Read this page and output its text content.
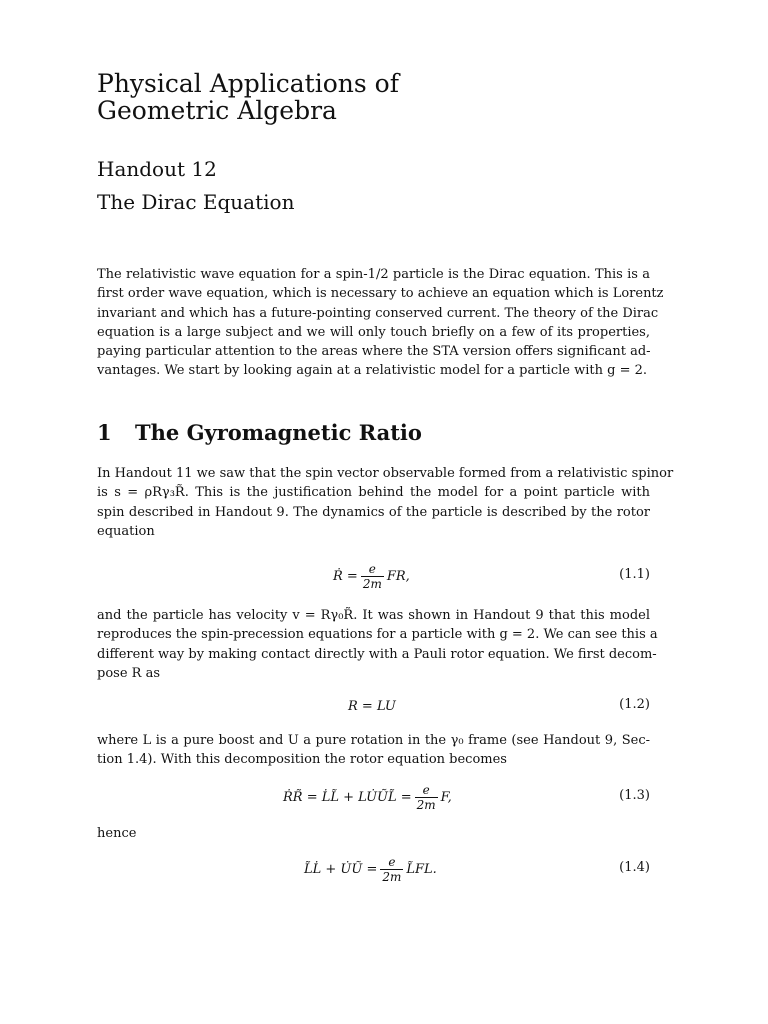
Physical Applications of
Geometric Algebra
Handout 12
The Dirac Equation
The relativistic wave equation for a spin-1/2 particle is the Dirac equation. This is a
first order wave equation, which is necessary to achieve an equation which is Lorentz
invariant and which has a future-pointing conserved current. The theory of the Dirac
equation is a large subject and we will only touch briefly on a few of its properties,
paying particular attention to the areas where the STA version offers significant ad-
vantages. We start by looking again at a relativistic model for a particle with g = 2.
1 The Gyromagnetic Ratio
In Handout 11 we saw that the spin vector observable formed from a relativistic spinor
is s = ρRγ₃R̃. This is the justification behind the model for a point particle with
spin described in Handout 9. The dynamics of the particle is described by the rotor
equation
Ṙ = $\frac{e}{2m}$ FR,	(1.1)
and the particle has velocity v = Rγ₀R̃. It was shown in Handout 9 that this model
reproduces the spin-precession equations for a particle with g = 2. We can see this a
different way by making contact directly with a Pauli rotor equation. We first decom-
pose R as
R = LU	(1.2)
where L is a pure boost and U a pure rotation in the γ₀ frame (see Handout 9, Sec-
tion 1.4). With this decomposition the rotor equation becomes
ṘR̃ = L̇L̃ + LU̇ŨL̃ = $\frac{e}{2m} F$,	(1.3)
hence
L̃L̇ + U̇Ũ = $\frac{e}{2m}$ L̃FL.	(1.4)
